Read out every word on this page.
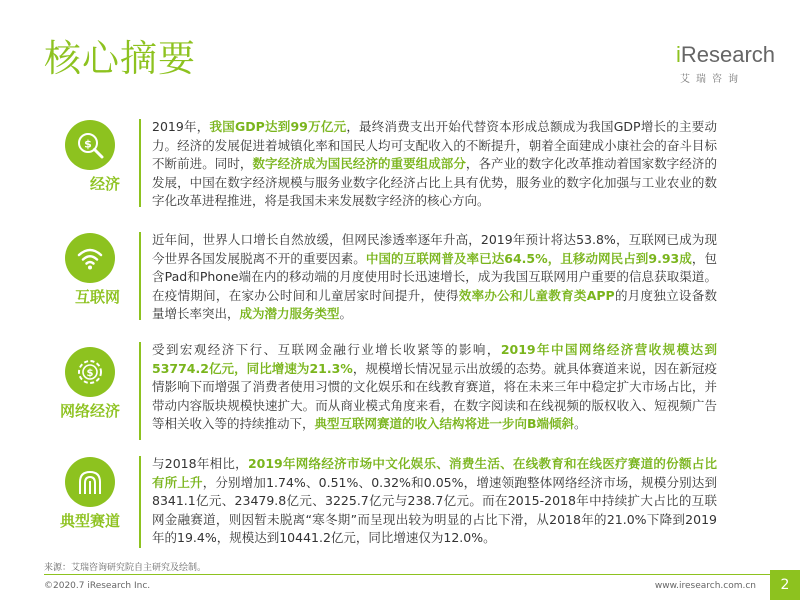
核心摘要	iResearch
艾瑞咨询
$
经济
2019年，我国GDP达到99万亿元，最终消费支出开始代替资本形成总额成为我国GDP增长的主要动力。经济的发展促进着城镇化率和国民人均可支配收入的不断提升，朝着全面建成小康社会的奋斗目标不断前进。同时，数字经济成为国民经济的重要组成部分，各产业的数字化改革推动着国家数字经济的发展，中国在数字经济规模与服务业数字化经济占比上具有优势，服务业的数字化加强与工业农业的数字化改革进程推进，将是我国未来发展数字经济的核心方向。
互联网
近年间，世界人口增长自然放缓，但网民渗透率逐年升高，2019年预计将达53.8%，互联网已成为现今世界各国发展脱离不开的重要因素。中国的互联网普及率已达64.5%，且移动网民占到9.93成，包含Pad和Phone端在内的移动端的月度使用时长迅速增长，成为我国互联网用户重要的信息获取渠道。在疫情期间，在家办公时间和儿童居家时间提升，使得效率办公和儿童教育类APP的月度独立设备数量增长率突出，成为潜力服务类型。
$
网络经济
受到宏观经济下行、互联网金融行业增长收紧等的影响，2019年中国网络经济营收规模达到53774.2亿元，同比增速为21.3%，规模增长情况显示出放缓的态势。就具体赛道来说，因在新冠疫情影响下而增强了消费者使用习惯的文化娱乐和在线教育赛道，将在未来三年中稳定扩大市场占比，并带动内容版块规模快速扩大。而从商业模式角度来看，在数字阅读和在线视频的版权收入、短视频广告等相关收入等的持续推动下，典型互联网赛道的收入结构将进一步向B端倾斜。
典型赛道
与2018年相比，2019年网络经济市场中文化娱乐、消费生活、在线教育和在线医疗赛道的份额占比有所上升，分别增加1.74%、0.51%、0.32%和0.05%，增速领跑整体网络经济市场，规模分别达到8341.1亿元、23479.8亿元、3225.7亿元与238.7亿元。而在2015-2018年中持续扩大占比的互联网金融赛道，则因暂未脱离“寒冬期”而呈现出较为明显的占比下滑，从2018年的21.0%下降到2019年的19.4%，规模达到10441.2亿元，同比增速仅为12.0%。
来源：艾瑞咨询研究院自主研究及绘制。
©2020.7 iResearch Inc.	www.iresearch.com.cn	2
